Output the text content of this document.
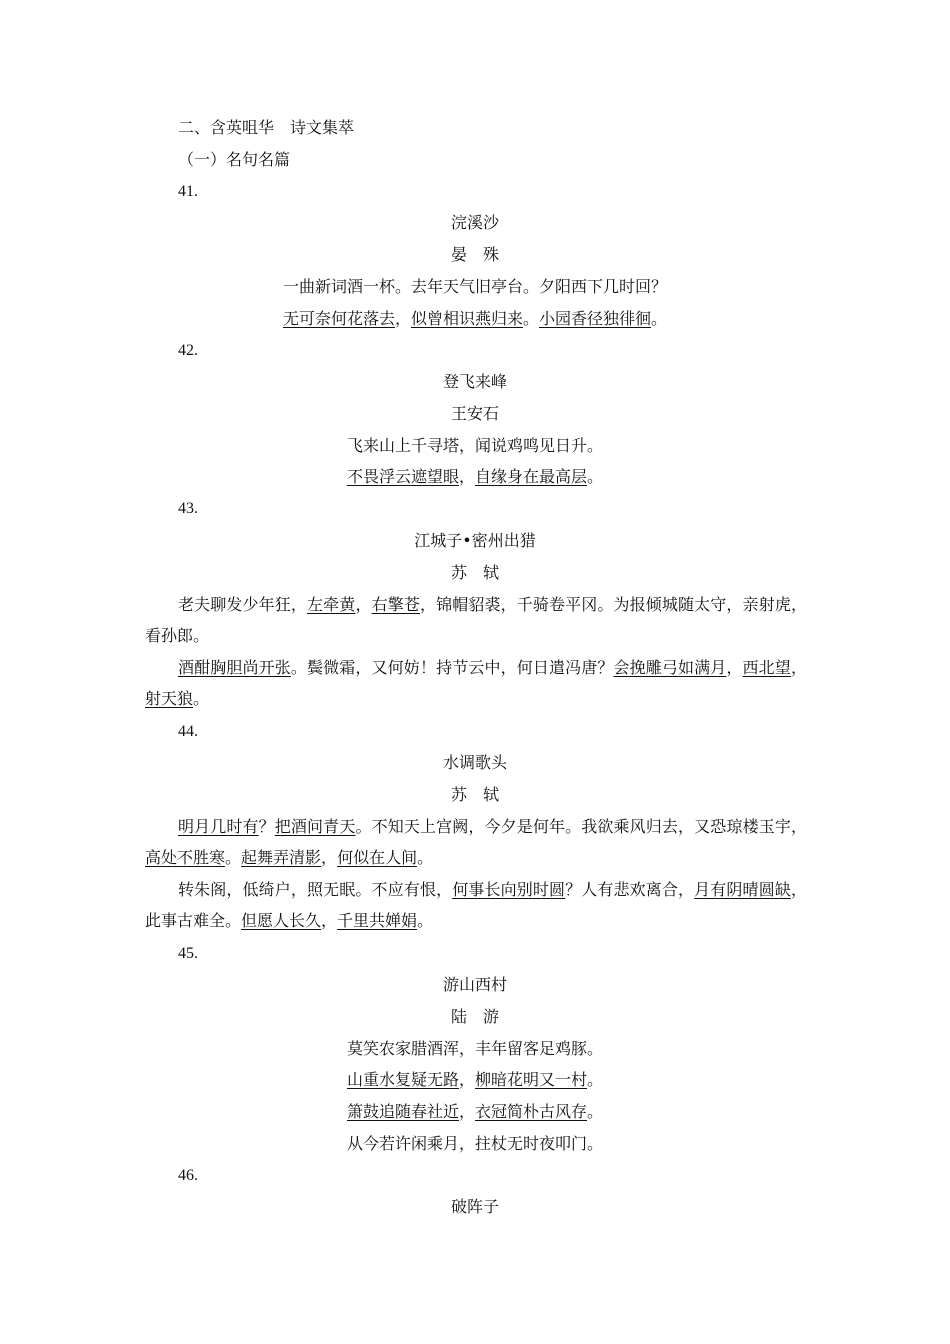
二、含英咀华　诗文集萃
（一）名句名篇
41.
浣溪沙
晏　殊
一曲新词酒一杯。去年天气旧亭台。夕阳西下几时回？
无可奈何花落去，似曾相识燕归来。小园香径独徘徊。
42.
登飞来峰
王安石
飞来山上千寻塔，闻说鸡鸣见日升。
不畏浮云遮望眼，自缘身在最高层。
43.
江城子•密州出猎
苏　轼
老夫聊发少年狂，左牵黄，右擎苍，锦帽貂裘，千骑卷平冈。为报倾城随太守，亲射虎，看孙郎。
酒酣胸胆尚开张。鬓微霜，又何妨！持节云中，何日遣冯唐？会挽雕弓如满月，西北望，射天狼。
44.
水调歌头
苏　轼
明月几时有？把酒问青天。不知天上宫阙，今夕是何年。我欲乘风归去，又恐琼楼玉宇，高处不胜寒。起舞弄清影，何似在人间。
转朱阁，低绮户，照无眠。不应有恨，何事长向别时圆？人有悲欢离合，月有阴晴圆缺，此事古难全。但愿人长久，千里共婵娟。
45.
游山西村
陆　游
莫笑农家腊酒浑，丰年留客足鸡豚。
山重水复疑无路，柳暗花明又一村。
箫鼓追随春社近，衣冠简朴古风存。
从今若许闲乘月，拄杖无时夜叩门。
46.
破阵子
